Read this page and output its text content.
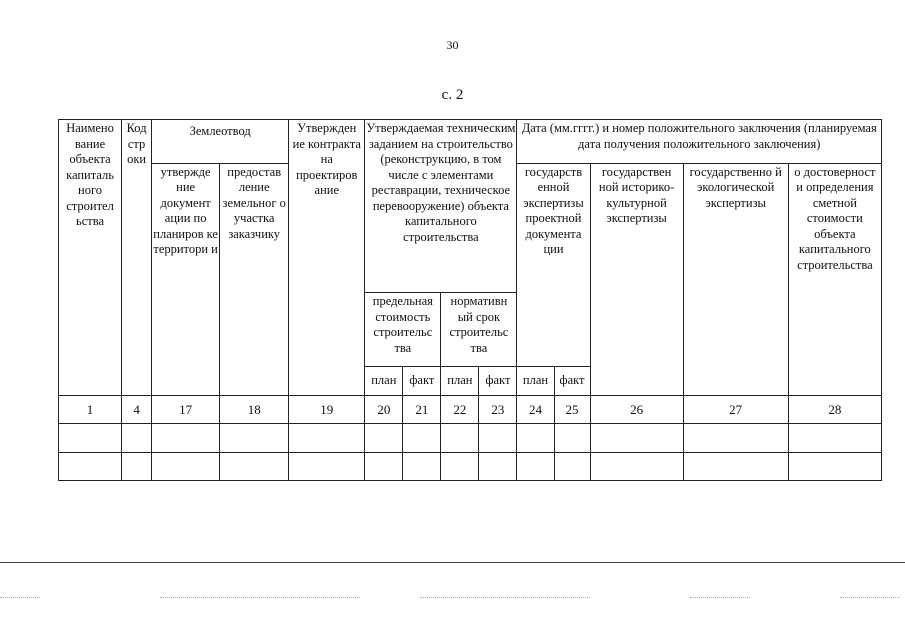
30
с. 2
Наимено вание объекта капиталь ного строител ьства	Код стр оки	Землеотвод		Утвержден ие контракта на проектиров ание	Утверждаемая техническим заданием на строительство (реконструкцию, в том числе с элементами реставрации, техническое перевооружение) объекта капитального строительства				Дата (мм.гггг.) и номер положительного заключения (планируемая дата получения положительного заключения)				
		утвержде ние документ ации по планиров ке территори и	предостав ление земельног о участка заказчику						государств енной экспертизы проектной документа ции		государствен ной историко-культурной экспертизы	государственно й экологической экспертизы	о достоверност и определения сметной стоимости объекта капитального строительства
					предельная стоимость строительс тва		нормативн ый срок строительс тва						
					план	факт	план	факт	план	факт			
1	4	17	18	19	20	21	22	23	24	25	26	27	28
